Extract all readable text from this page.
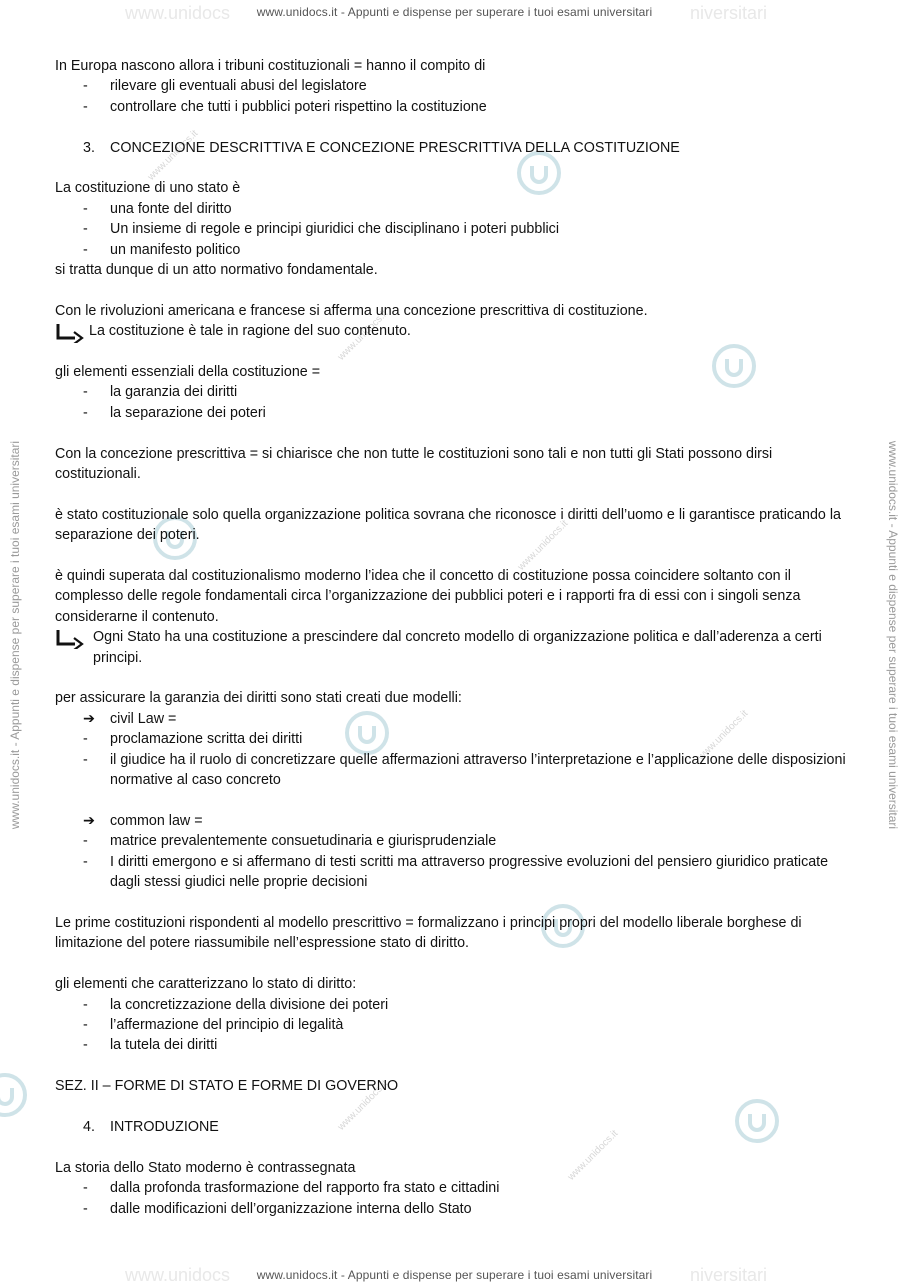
www.unidocs	niversitari
www.unidocs.it - Appunti e dispense per superare i tuoi esami universitari
www.unidocs.it - Appunti e dispense per superare i tuoi esami universitari	www.unidocs.it - Appunti e dispense per superare i tuoi esami universitari
www.unidocs.it
www.unidocs.it
www.unidocs.it
www.unidocs.it
www.unidocs.it
www.unidocs.it

In Europa nascono allora i tribuni costituzionali = hanno il compito di

- rilevare gli eventuali abusi del legislatore
- controllare che tutti i pubblici poteri rispettino la costituzione
3. CONCEZIONE DESCRITTIVA E CONCEZIONE PRESCRITTIVA DELLA COSTITUZIONE

La costituzione di uno stato è

- una fonte del diritto
- Un insieme di regole e principi giuridici che disciplinano i poteri pubblici
- un manifesto politico

si tratta dunque di un atto normativo fondamentale.

Con le rivoluzioni americana e francese si afferma una concezione prescrittiva di costituzione.

La costituzione è tale in ragione del suo contenuto.

gli elementi essenziali della costituzione =

- la garanzia dei diritti
- la separazione dei poteri

Con la concezione prescrittiva = si chiarisce che non tutte le costituzioni sono tali e non tutti gli Stati possono dirsi costituzionali.

è stato costituzionale solo quella organizzazione politica sovrana che riconosce i diritti dell’uomo e li garantisce praticando la separazione dei poteri.

è quindi superata dal costituzionalismo moderno l’idea che il concetto di costituzione possa coincidere soltanto con il complesso delle regole fondamentali circa l’organizzazione dei pubblici poteri e i rapporti fra di essi con i singoli senza considerarne il contenuto.

Ogni Stato ha una costituzione a prescindere dal concreto modello di organizzazione politica e dall’aderenza a certi principi.

per assicurare la garanzia dei diritti sono stati creati due modelli:

➔ civil Law =
- proclamazione scritta dei diritti
- il giudice ha il ruolo di concretizzare quelle affermazioni attraverso l’interpretazione e l’applicazione delle disposizioni normative al caso concreto
➔ common law =
- matrice prevalentemente consuetudinaria e giurisprudenziale
- I diritti emergono e si affermano di testi scritti ma attraverso progressive evoluzioni del pensiero giuridico praticate dagli stessi giudici nelle proprie decisioni

Le prime costituzioni rispondenti al modello prescrittivo = formalizzano i principi propri del modello liberale borghese di limitazione del potere riassumibile nell’espressione stato di diritto.

gli elementi che caratterizzano lo stato di diritto:

- la concretizzazione della divisione dei poteri
- l’affermazione del principio di legalità
- la tutela dei diritti

SEZ. II – FORME DI STATO E FORME DI GOVERNO

4. INTRODUZIONE

La storia dello Stato moderno è contrassegnata

- dalla profonda trasformazione del rapporto fra stato e cittadini
- dalle modificazioni dell’organizzazione interna dello Stato
www.unidocs	niversitari
www.unidocs.it - Appunti e dispense per superare i tuoi esami universitari
